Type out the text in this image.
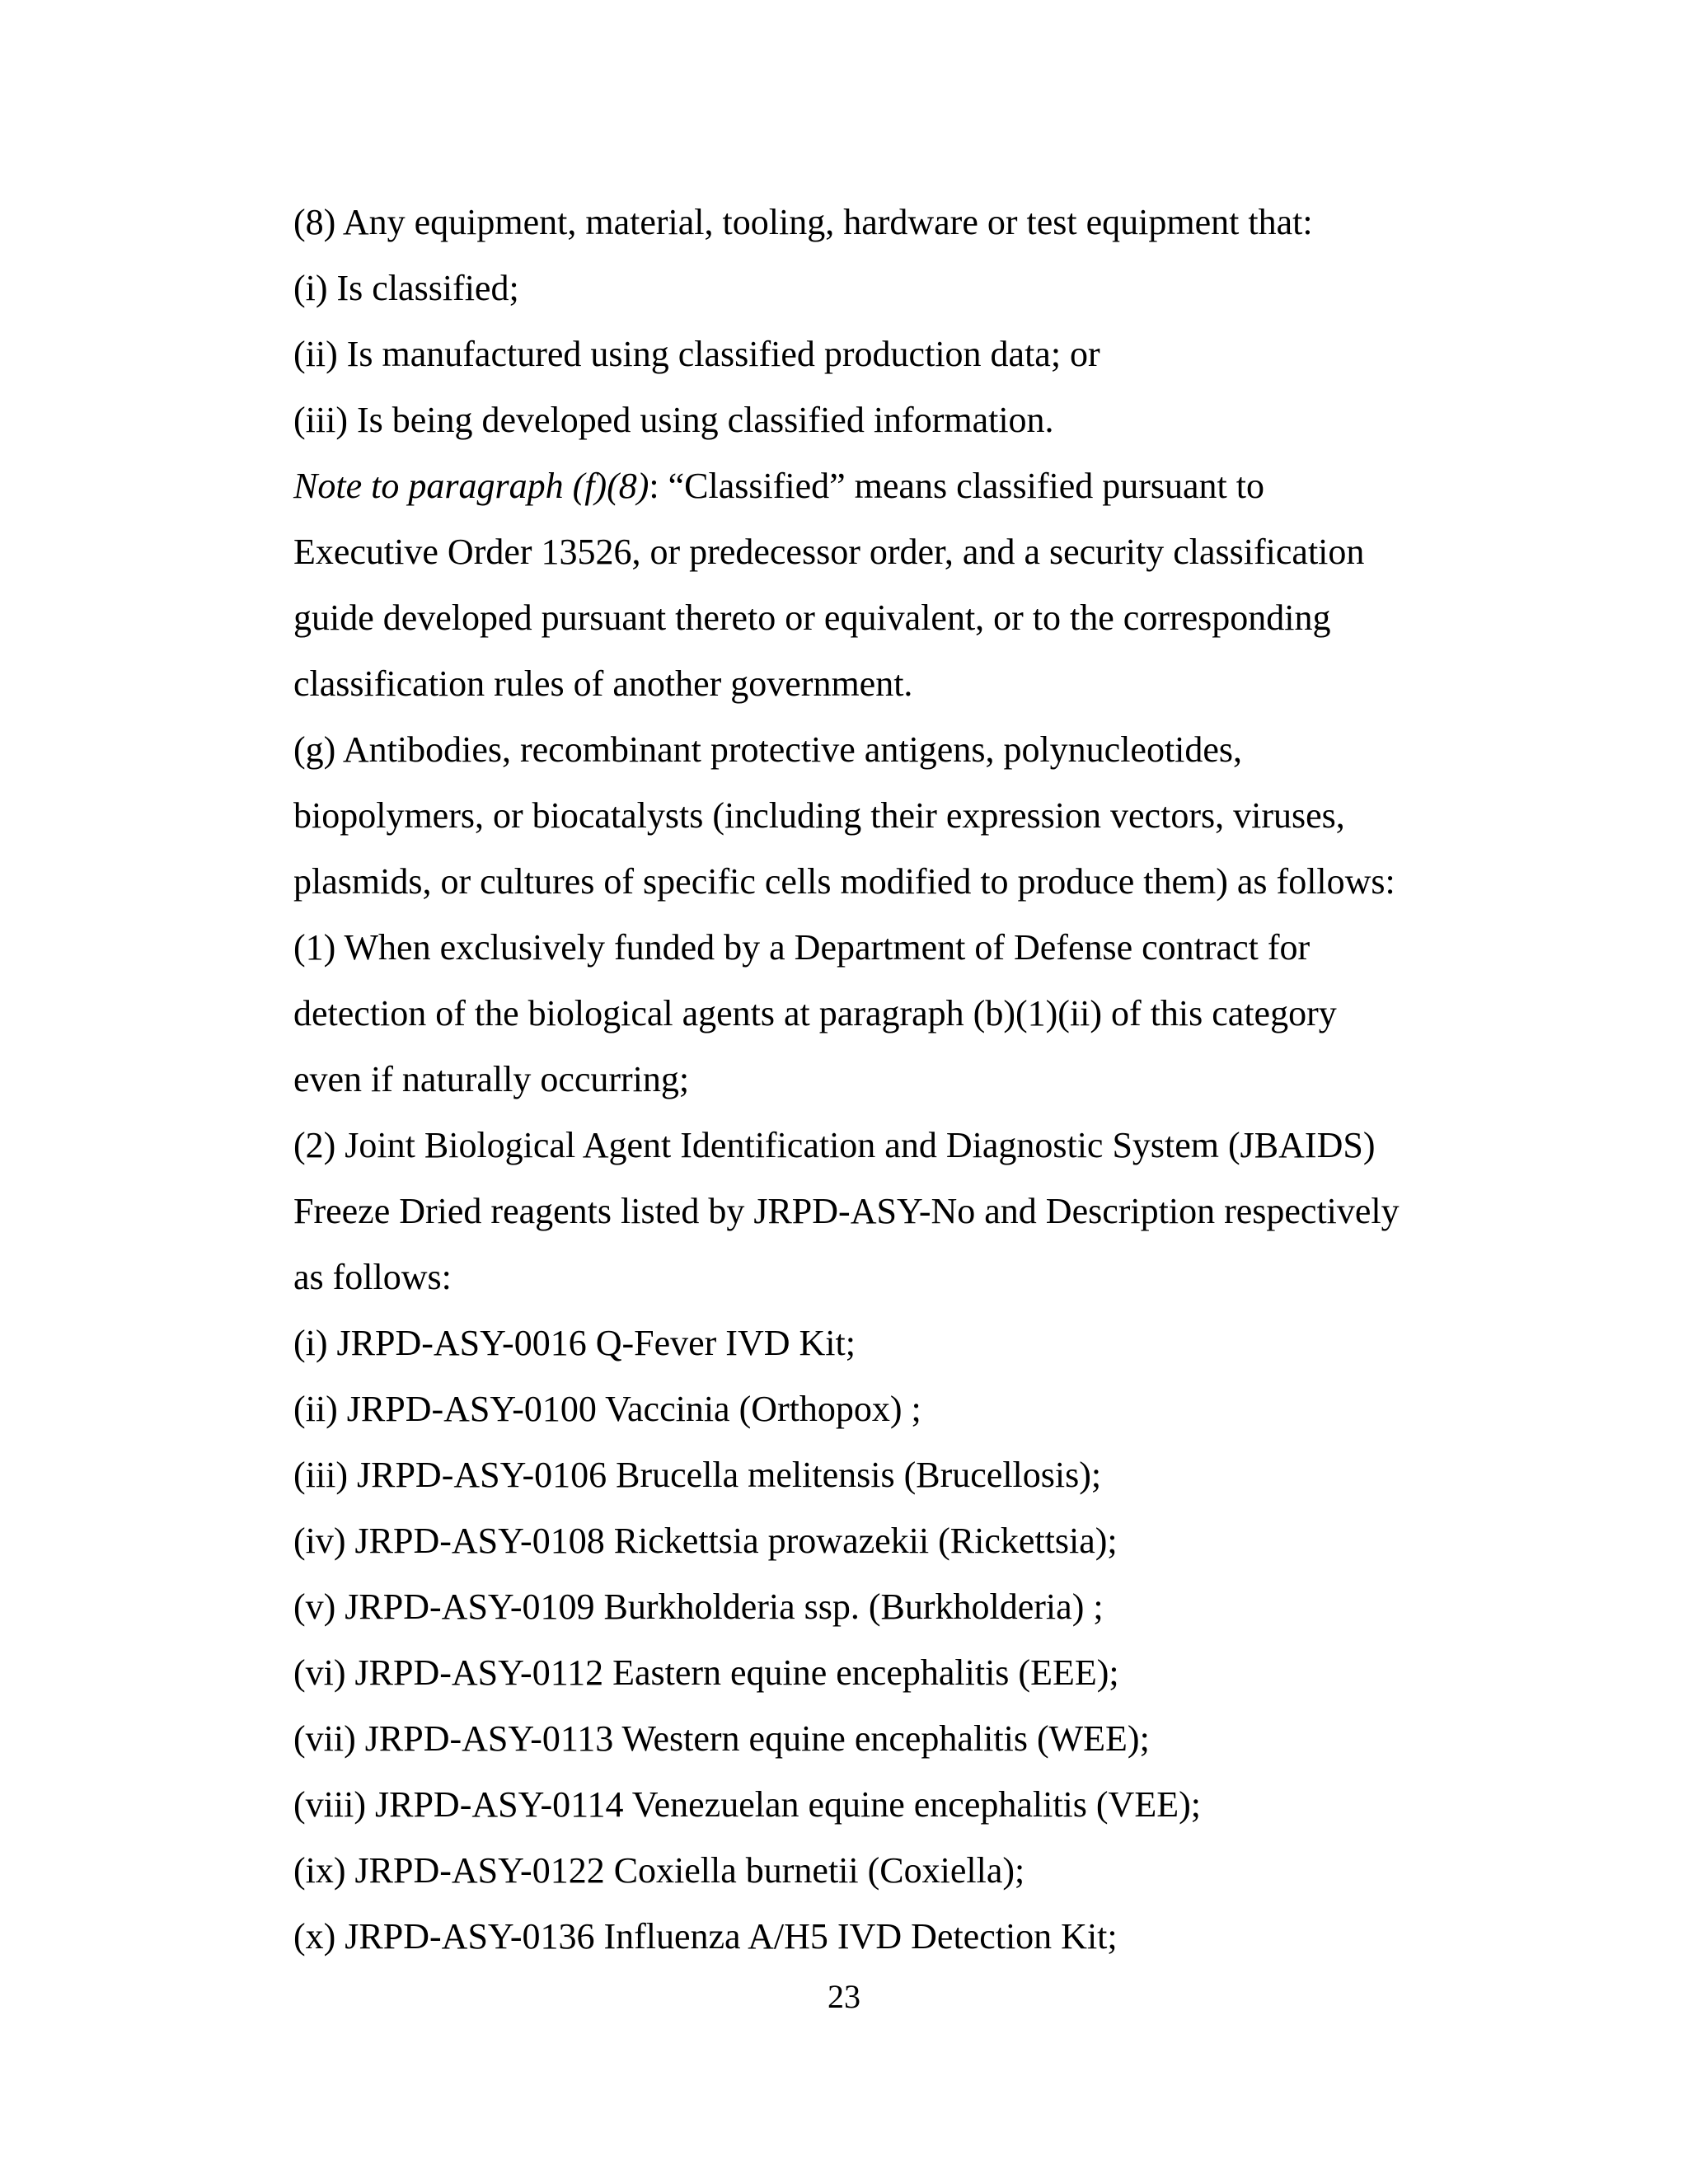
(8) Any equipment, material, tooling, hardware or test equipment that:
(i) Is classified;
(ii) Is manufactured using classified production data; or
(iii) Is being developed using classified information.
Note to paragraph (f)(8): “Classified” means classified pursuant to
Executive Order 13526, or predecessor order, and a security classification
guide developed pursuant thereto or equivalent, or to the corresponding
classification rules of another government.
(g) Antibodies, recombinant protective antigens, polynucleotides,
biopolymers, or biocatalysts (including their expression vectors, viruses,
plasmids, or cultures of specific cells modified to produce them) as follows:
(1) When exclusively funded by a Department of Defense contract for
detection of the biological agents at paragraph (b)(1)(ii) of this category
even if naturally occurring;
(2) Joint Biological Agent Identification and Diagnostic System (JBAIDS)
Freeze Dried reagents listed by JRPD-ASY-No and Description respectively
as follows:
(i) JRPD-ASY-0016 Q-Fever IVD Kit;
(ii) JRPD-ASY-0100 Vaccinia (Orthopox) ;
(iii) JRPD-ASY-0106 Brucella melitensis (Brucellosis);
(iv) JRPD-ASY-0108 Rickettsia prowazekii (Rickettsia);
(v) JRPD-ASY-0109 Burkholderia ssp. (Burkholderia) ;
(vi) JRPD-ASY-0112 Eastern equine encephalitis (EEE);
(vii) JRPD-ASY-0113 Western equine encephalitis (WEE);
(viii) JRPD-ASY-0114 Venezuelan equine encephalitis (VEE);
(ix) JRPD-ASY-0122 Coxiella burnetii (Coxiella);
(x) JRPD-ASY-0136 Influenza A/H5 IVD Detection Kit;
23
